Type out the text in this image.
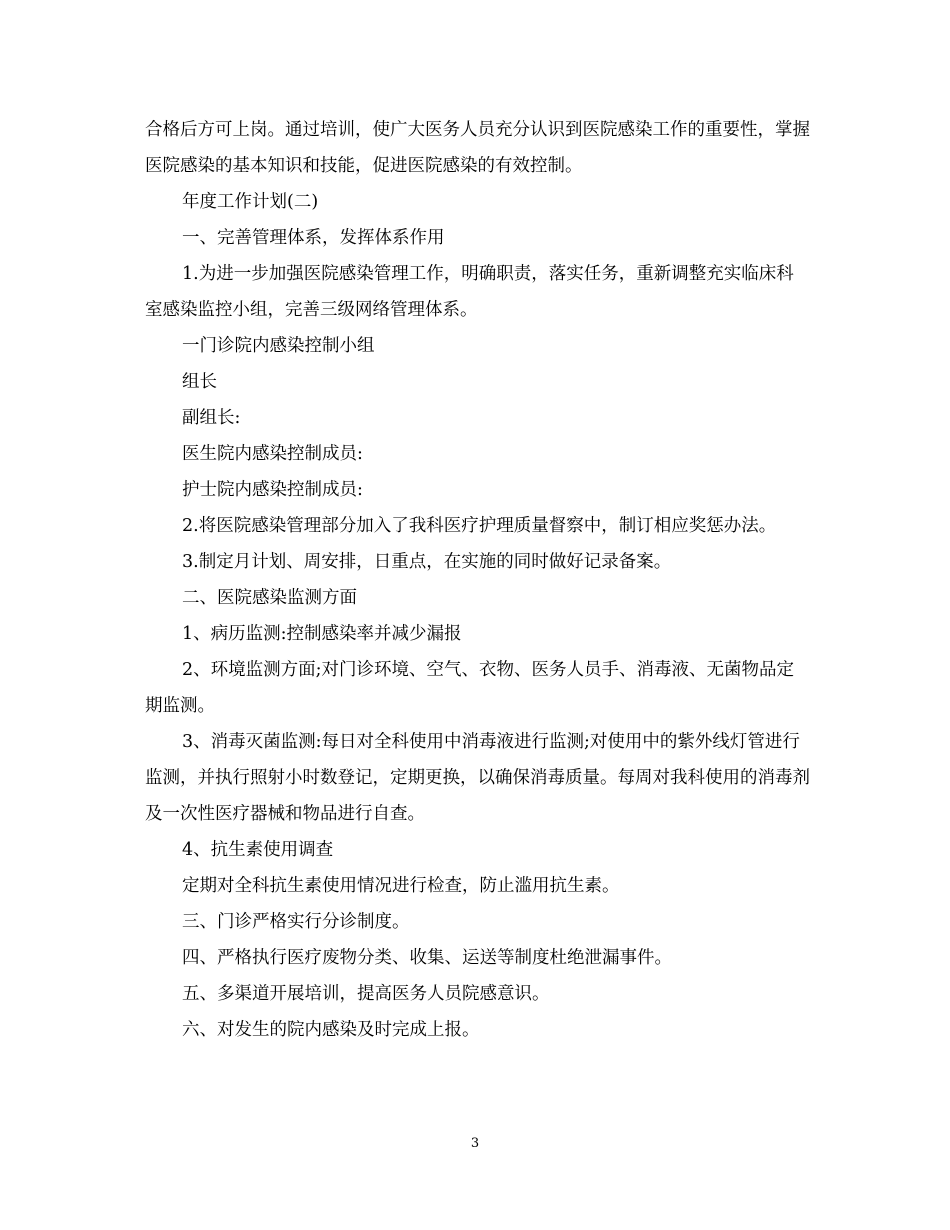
合格后方可上岗。通过培训，使广大医务人员充分认识到医院感染工作的重要性，掌握医院感染的基本知识和技能，促进医院感染的有效控制。

年度工作计划(二)

一、完善管理体系，发挥体系作用

1.为进一步加强医院感染管理工作，明确职责，落实任务，重新调整充实临床科室感染监控小组，完善三级网络管理体系。

一门诊院内感染控制小组

组长

副组长:

医生院内感染控制成员:

护士院内感染控制成员:

2.将医院感染管理部分加入了我科医疗护理质量督察中，制订相应奖惩办法。

3.制定月计划、周安排，日重点，在实施的同时做好记录备案。

二、医院感染监测方面

1、病历监测:控制感染率并减少漏报

2、环境监测方面;对门诊环境、空气、衣物、医务人员手、消毒液、无菌物品定期监测。

3、消毒灭菌监测:每日对全科使用中消毒液进行监测;对使用中的紫外线灯管进行监测，并执行照射小时数登记，定期更换，以确保消毒质量。每周对我科使用的消毒剂及一次性医疗器械和物品进行自查。

4、抗生素使用调查

定期对全科抗生素使用情况进行检查，防止滥用抗生素。

三、门诊严格实行分诊制度。

四、严格执行医疗废物分类、收集、运送等制度杜绝泄漏事件。

五、多渠道开展培训，提高医务人员院感意识。

六、对发生的院内感染及时完成上报。

3
